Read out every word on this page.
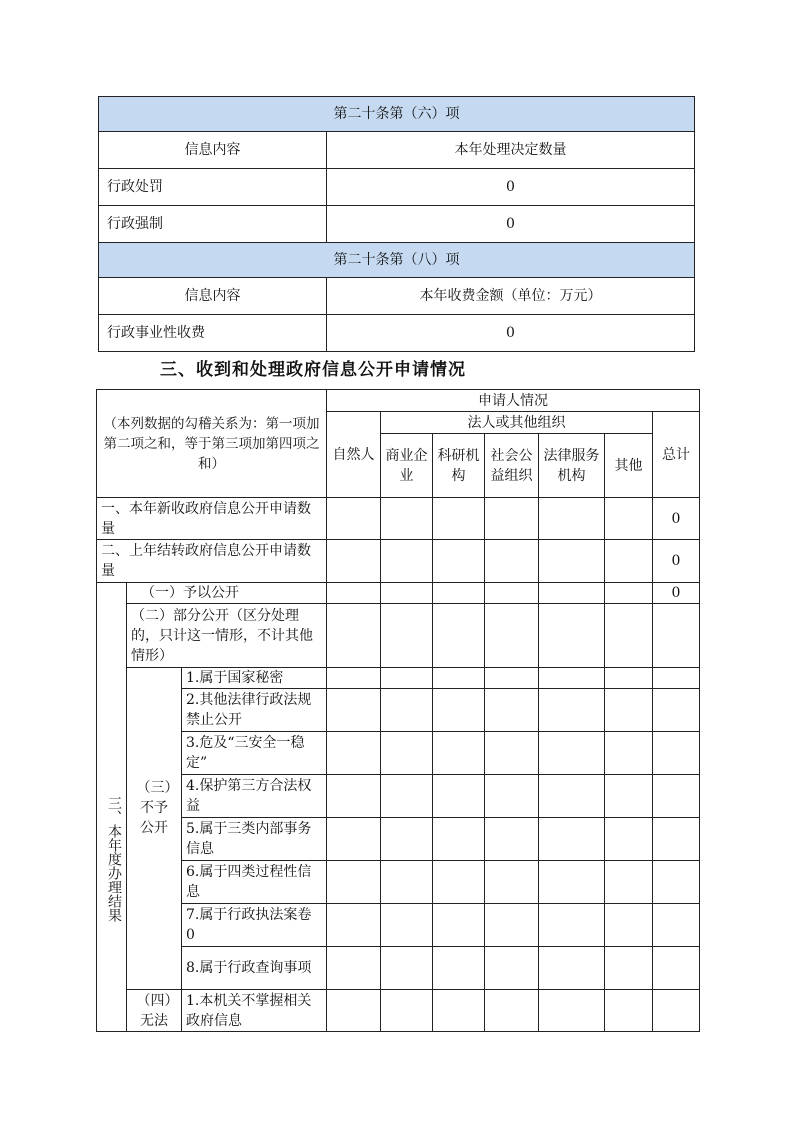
第二十条第（六）项	
信息内容	本年处理决定数量
行政处罚	0
行政强制	0
第二十条第（八）项	
信息内容	本年收费金额（单位：万元）
行政事业性收费	0
三、收到和处理政府信息公开申请情况
（本列数据的勾稽关系为：第一项加第二项之和，等于第三项加第四项之和）			申请人情况						
			自然人	法人或其他组织					总计
				商业企业	科研机构	社会公益组织	法律服务机构	其他	
一、本年新收政府信息公开申请数量									0
二、上年结转政府信息公开申请数量									0
三、本年度办理结果	（一）予以公开								0
	（二）部分公开（区分处理的，只计这一情形，不计其他情形）								
	（三）不予公开	1.属于国家秘密							
		2.其他法律行政法规禁止公开							
		3.危及“三安全一稳定”							
		4.保护第三方合法权益							
		5.属于三类内部事务信息							
		6.属于四类过程性信息							
		7.属于行政执法案卷 0							
		8.属于行政查询事项							
	（四）无法	1.本机关不掌握相关政府信息							
